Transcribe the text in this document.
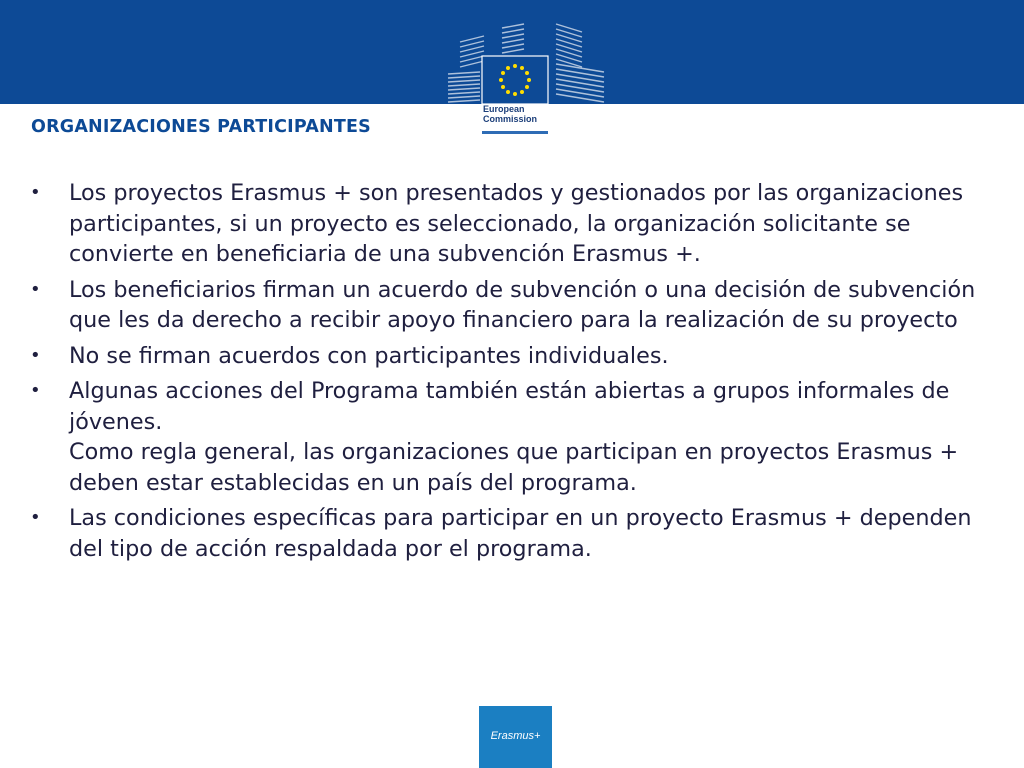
European
Commission
ORGANIZACIONES PARTICIPANTES
• Los proyectos Erasmus + son presentados y gestionados por las organizaciones participantes, si un proyecto es seleccionado, la organización solicitante se convierte en beneficiaria de una subvención Erasmus +.
• Los beneficiarios firman un acuerdo de subvención o una decisión de subvención que les da derecho a recibir apoyo financiero para la realización de su proyecto
• No se firman acuerdos con participantes individuales.
• Algunas acciones del Programa también están abiertas a grupos informales de jóvenes.
Como regla general, las organizaciones que participan en proyectos Erasmus + deben estar establecidas en un país del programa.
• Las condiciones específicas para participar en un proyecto Erasmus + dependen del tipo de acción respaldada por el programa.
Erasmus+
